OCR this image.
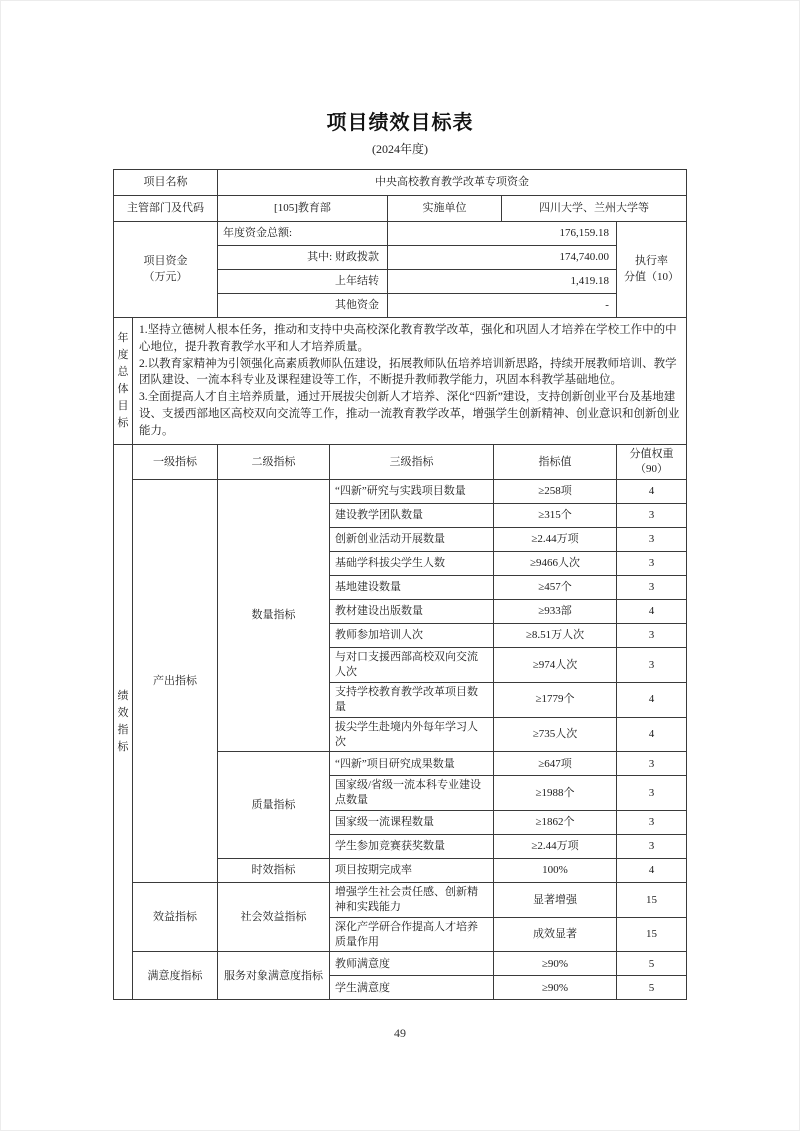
项目绩效目标表
(2024年度)
项目名称		中央高校教育教学改革专项资金					
主管部门及代码		[105]教育部		实施单位		四川大学、兰州大学等	

项目资金
（万元）
	年度资金总额:	176,159.18	
执行率
分值（10）

		其中: 财政拨款		174,740.00			
		上年结转		1,419.18			
		其他资金		-			

年度总体目标	1.坚持立德树人根本任务，推动和支持中央高校深化教育教学改革，强化和巩固人才培养在学校工作中的中心地位，提升教育教学水平和人才培养质量。
2.以教育家精神为引领强化高素质教师队伍建设，拓展教师队伍培养培训新思路，持续开展教师培训、教学团队建设、一流本科专业及课程建设等工作，不断提升教师教学能力，巩固本科教学基础地位。
3.全面提高人才自主培养质量，通过开展拔尖创新人才培养、深化“四新”建设，支持创新创业平台及基地建设、支援西部地区高校双向交流等工作，推动一流教育教学改革，增强学生创新精神、创业意识和创新创业能力。						

绩效指标	一级指标	二级指标	三级指标		指标值		分值权重
（90）

	产出指标	数量指标	“四新”研究与实践项目数量		≥258项		4
			建设教学团队数量		≥315个		3
			创新创业活动开展数量		≥2.44万项		3
			基础学科拔尖学生人数		≥9466人次		3
			基地建设数量		≥457个		3
			教材建设出版数量		≥933部		4
			教师参加培训人次		≥8.51万人次		3
			与对口支援西部高校双向交流人次		≥974人次		3
			支持学校教育教学改革项目数量		≥1779个		4
			拔尖学生赴境内外每年学习人次		≥735人次		4
		质量指标	“四新”项目研究成果数量		≥647项		3
			国家级/省级一流本科专业建设点数量		≥1988个		3
			国家级一流课程数量		≥1862个		3
			学生参加竞赛获奖数量		≥2.44万项		3
		时效指标	项目按期完成率		100%		4
	效益指标	社会效益指标	增强学生社会责任感、创新精神和实践能力		显著增强		15
			深化产学研合作提高人才培养质量作用		成效显著		15
	满意度指标	服务对象满意度指标	教师满意度		≥90%		5
			学生满意度		≥90%		5
49
